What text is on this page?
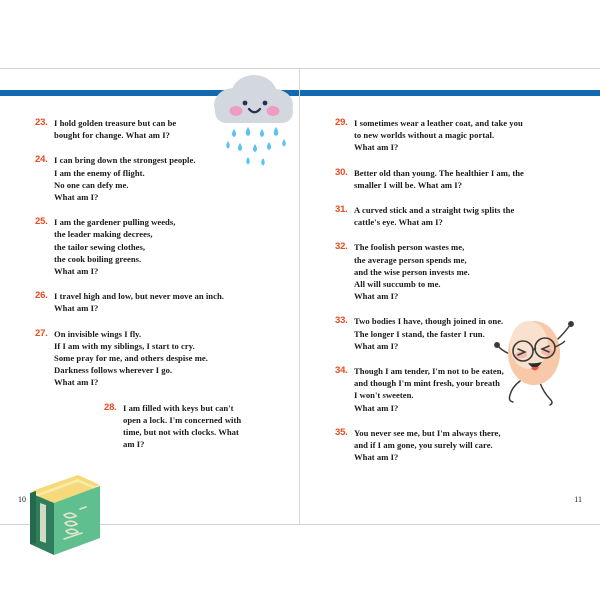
23. I hold golden treasure but can be
bought for change. What am I?
24. I can bring down the strongest people.
I am the enemy of flight.
No one can defy me.
What am I?
25. I am the gardener pulling weeds,
the leader making decrees,
the tailor sewing clothes,
the cook boiling greens.
What am I?
26. I travel high and low, but never move an inch.
What am I?
27. On invisible wings I fly.
If I am with my siblings, I start to cry.
Some pray for me, and others despise me.
Darkness follows wherever I go.
What am I?
28. I am filled with keys but can't
open a lock. I'm concerned with
time, but not with clocks. What
am I?
10
29. I sometimes wear a leather coat, and take you
to new worlds without a magic portal.
What am I?
30. Better old than young. The healthier I am, the
smaller I will be. What am I?
31. A curved stick and a straight twig splits the
cattle's eye. What am I?
32. The foolish person wastes me,
the average person spends me,
and the wise person invests me.
All will succumb to me.
What am I?
33. Two bodies I have, though joined in one.
The longer I stand, the faster I run.
What am I?
34. Though I am tender, I'm not to be eaten,
and though I'm mint fresh, your breath
I won't sweeten.
What am I?
35. You never see me, but I'm always there,
and if I am gone, you surely will care.
What am I?
11
